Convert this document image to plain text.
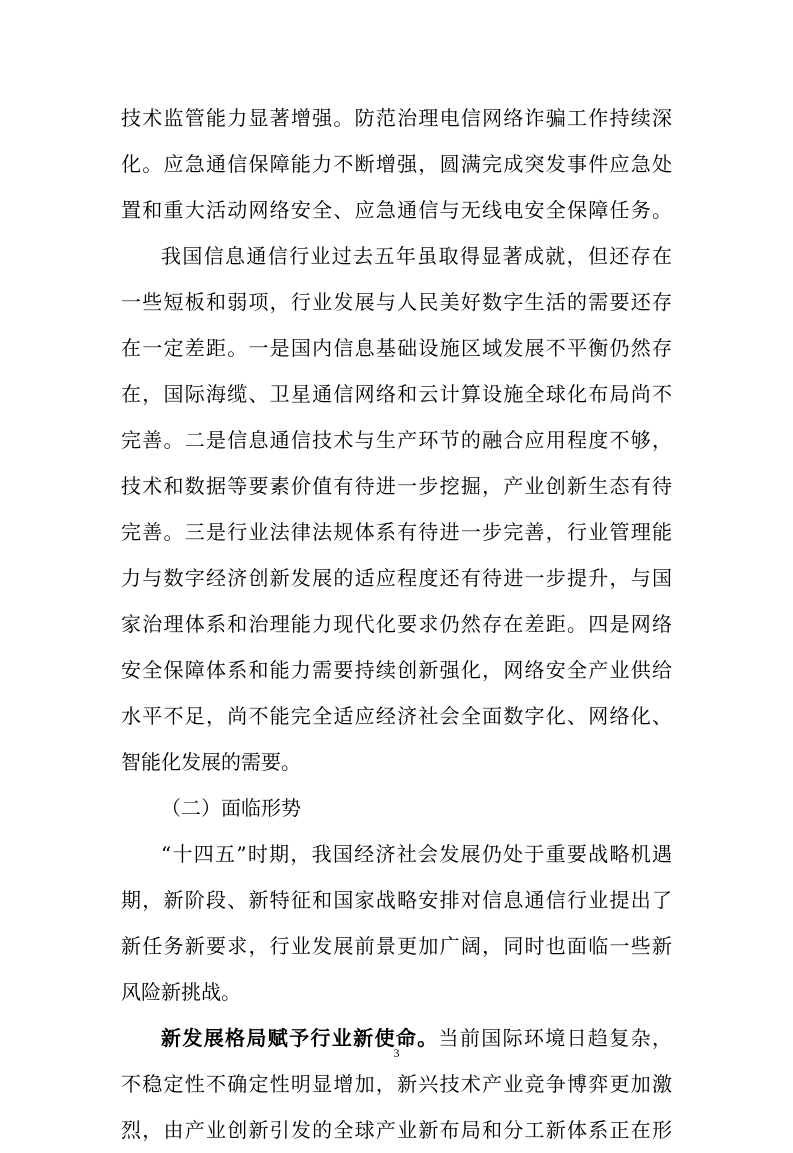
技术监管能力显著增强。防范治理电信网络诈骗工作持续深
化。应急通信保障能力不断增强，圆满完成突发事件应急处
置和重大活动网络安全、应急通信与无线电安全保障任务。
我国信息通信行业过去五年虽取得显著成就，但还存在
一些短板和弱项，行业发展与人民美好数字生活的需要还存
在一定差距。一是国内信息基础设施区域发展不平衡仍然存
在，国际海缆、卫星通信网络和云计算设施全球化布局尚不
完善。二是信息通信技术与生产环节的融合应用程度不够，
技术和数据等要素价值有待进一步挖掘，产业创新生态有待
完善。三是行业法律法规体系有待进一步完善，行业管理能
力与数字经济创新发展的适应程度还有待进一步提升，与国
家治理体系和治理能力现代化要求仍然存在差距。四是网络
安全保障体系和能力需要持续创新强化，网络安全产业供给
水平不足，尚不能完全适应经济社会全面数字化、网络化、
智能化发展的需要。
（二）面临形势
“十四五”时期，我国经济社会发展仍处于重要战略机遇
期，新阶段、新特征和国家战略安排对信息通信行业提出了
新任务新要求，行业发展前景更加广阔，同时也面临一些新
风险新挑战。
新发展格局赋予行业新使命。当前国际环境日趋复杂，
不稳定性不确定性明显增加，新兴技术产业竞争博弈更加激
烈，由产业创新引发的全球产业新布局和分工新体系正在形
3
